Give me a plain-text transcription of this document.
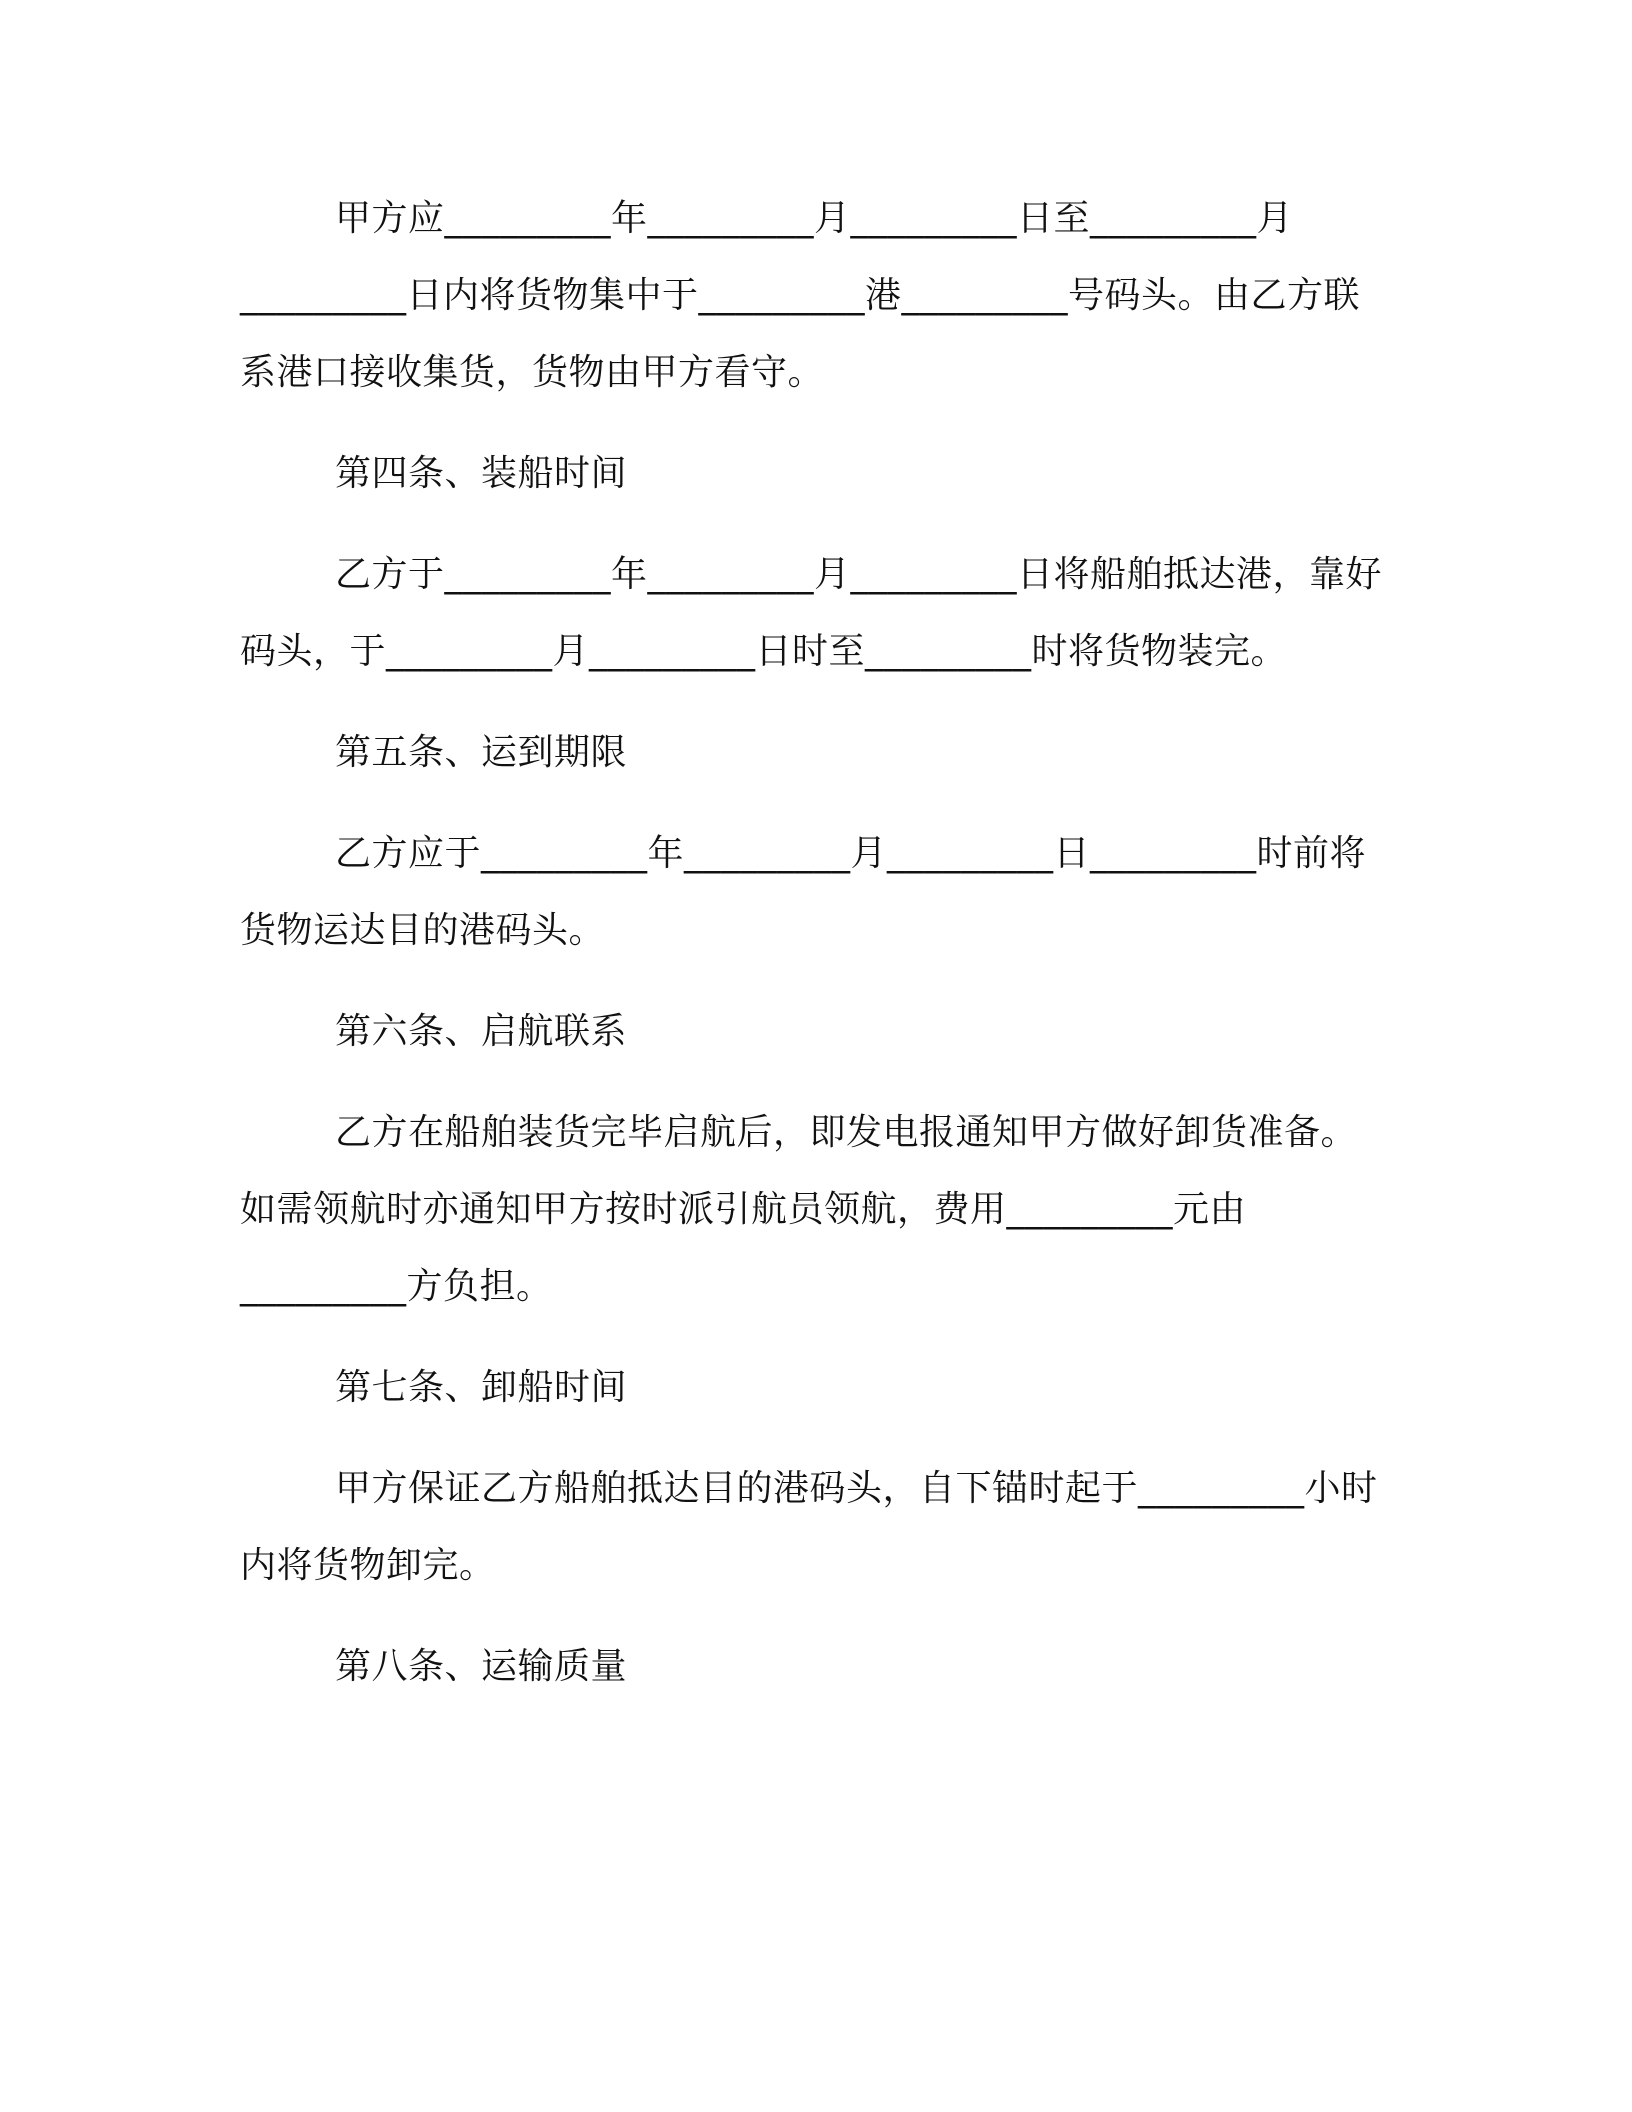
甲方应_________年_________月_________日至_________月_________日内将货物集中于_________港_________号码头。由乙方联系港口接收集货，货物由甲方看守。

第四条、装船时间

乙方于_________年_________月_________日将船舶抵达港，靠好码头，于_________月_________日时至_________时将货物装完。

第五条、运到期限

乙方应于_________年_________月_________日_________时前将货物运达目的港码头。

第六条、启航联系

乙方在船舶装货完毕启航后，即发电报通知甲方做好卸货准备。如需领航时亦通知甲方按时派引航员领航，费用_________元由_________方负担。

第七条、卸船时间

甲方保证乙方船舶抵达目的港码头，自下锚时起于_________小时内将货物卸完。

第八条、运输质量
